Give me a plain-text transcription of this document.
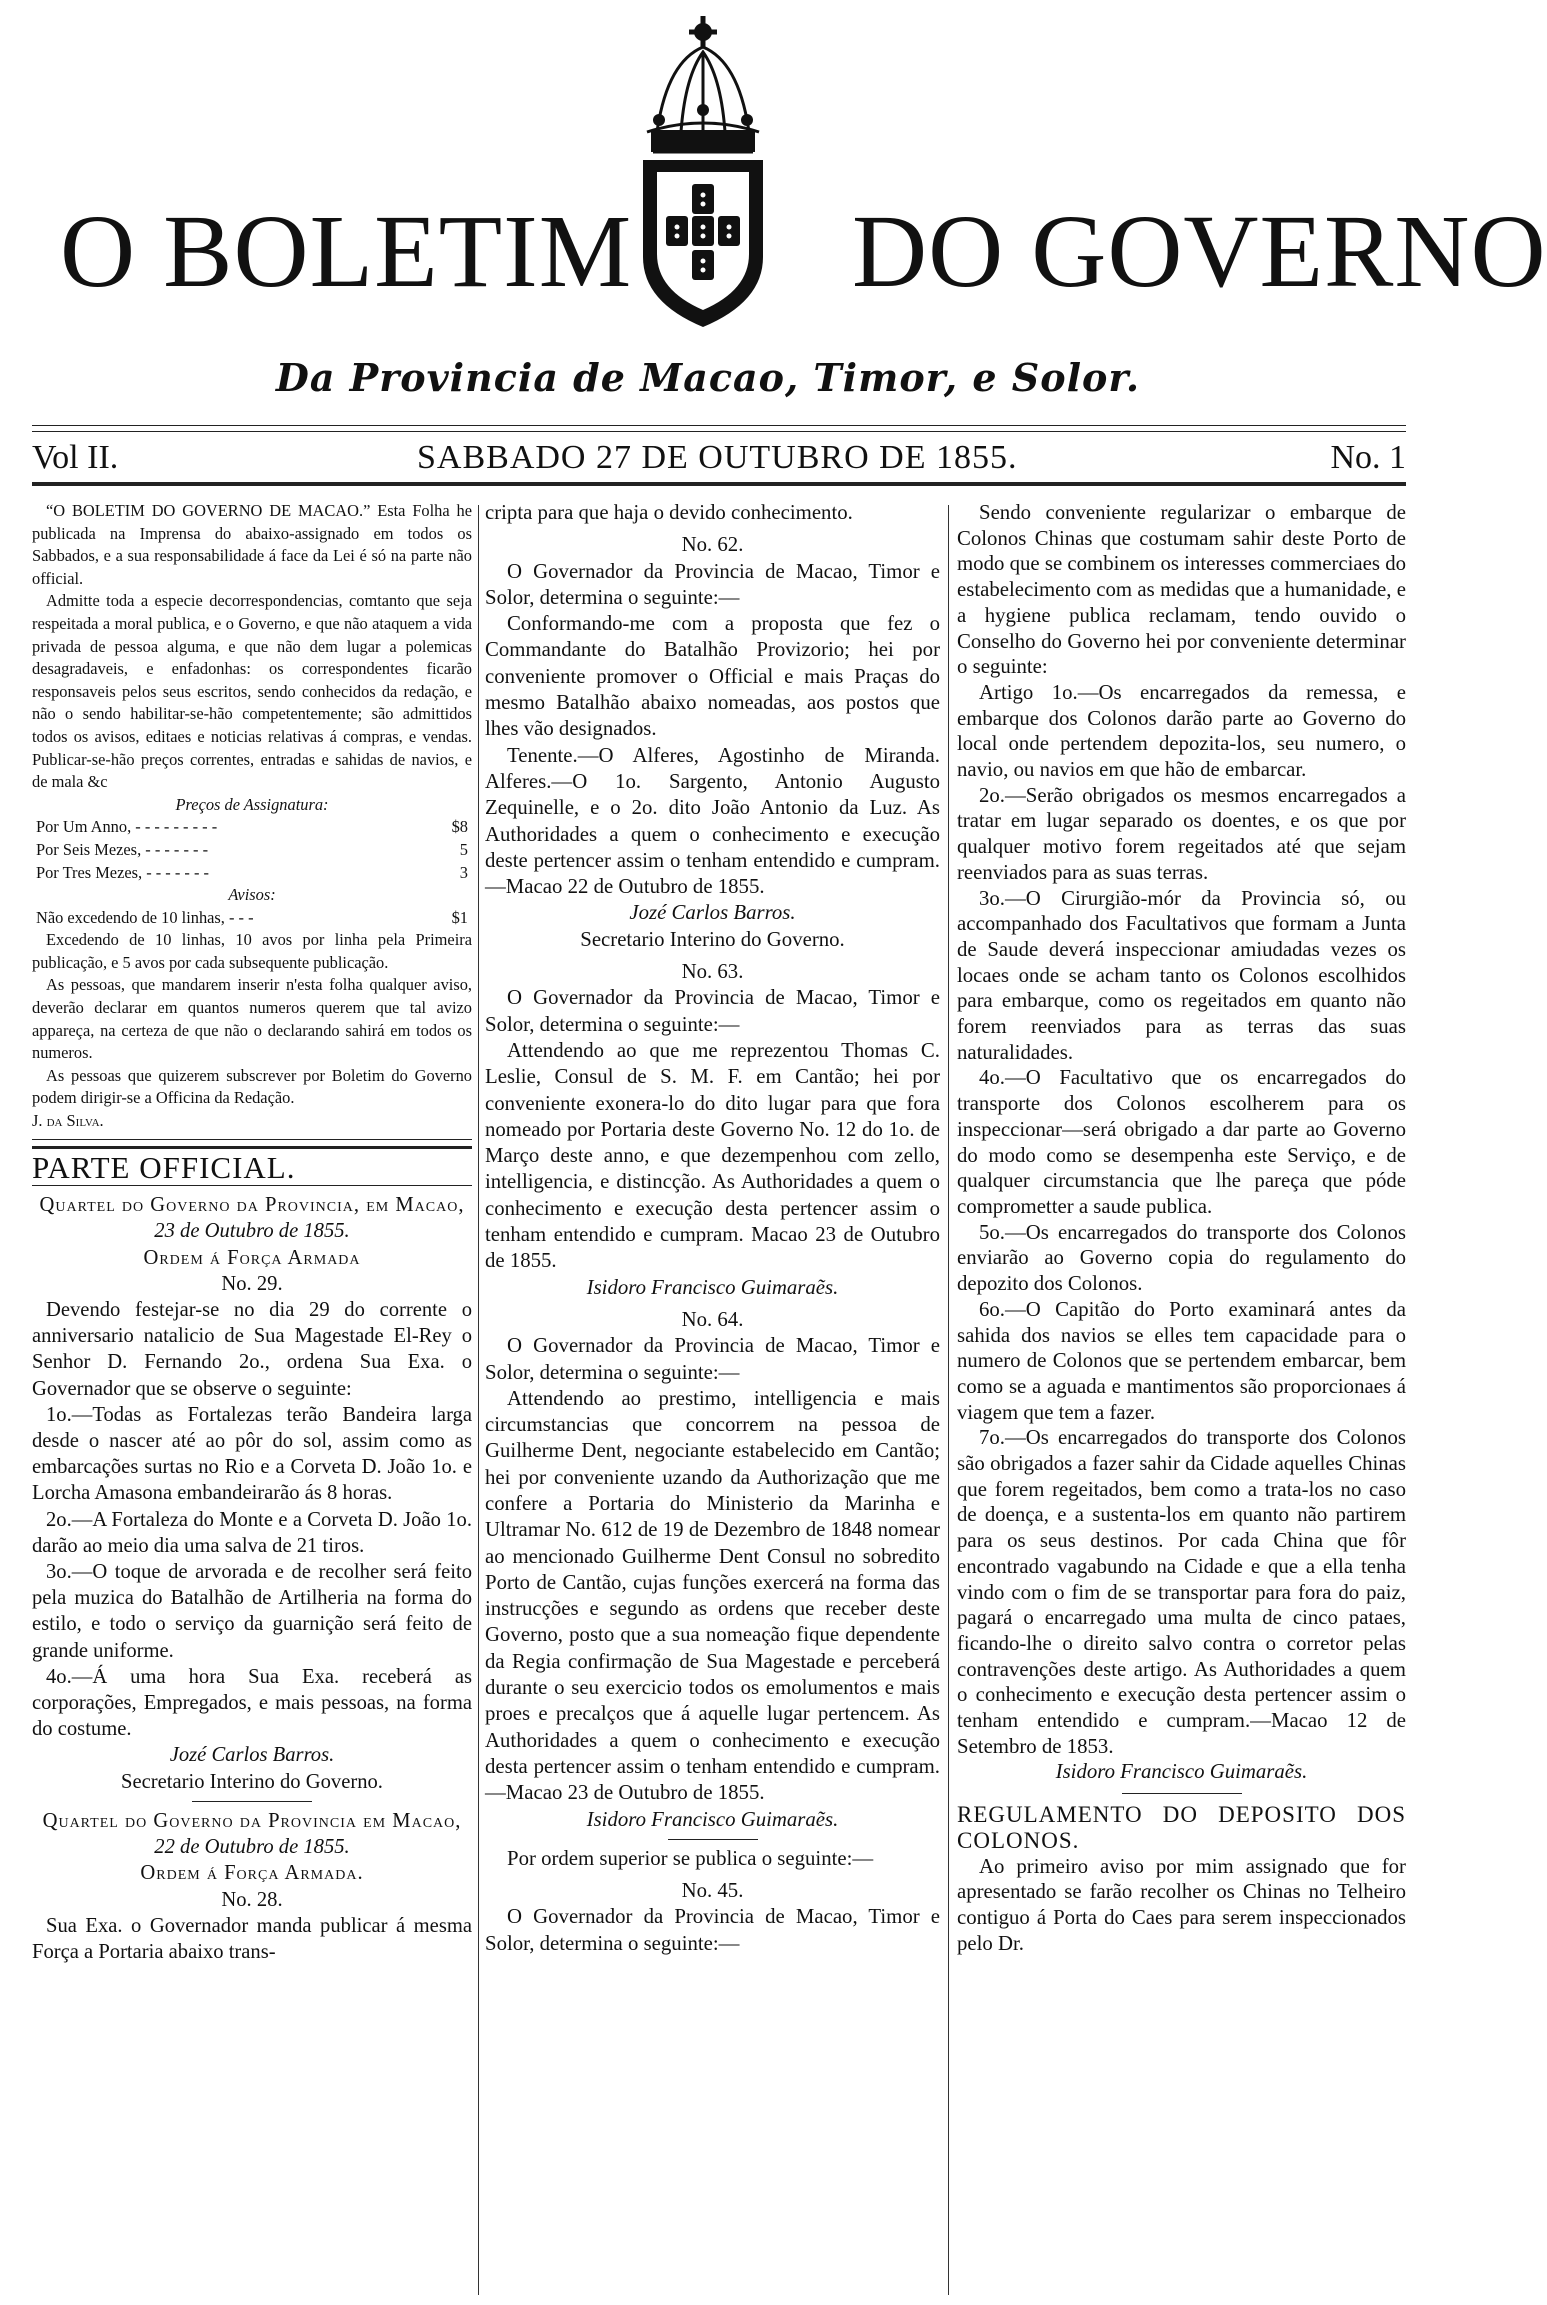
O BOLETIM DO GOVERNO
Da Provincia de Macao, Timor, e Solor.
Vol II.	SABBADO 27 DE OUTUBRO DE 1855.	No. 1

“O BOLETIM DO GOVERNO DE MACAO.” Esta Folha he publicada na Imprensa do abaixo-assignado em todos os Sabbados, e a sua responsabilidade á face da Lei é só na parte não official.

Admitte toda a especie decorrespondencias, comtanto que seja respeitada a moral publica, e o Governo, e que não ataquem a vida privada de pessoa alguma, e que não dem lugar a polemicas desagradaveis, e enfadonhas: os correspondentes ficarão responsaveis pelos seus escritos, sendo conhecidos da redação, e não o sendo habilitar-se-hão competentemente; são admittidos todos os avisos, editaes e noticias relativas á compras, e vendas. Publicar-se-hão preços correntes, entradas e sahidas de navios, e de mala &c

Preços de Assignatura:

Por Um Anno, - - - - - - - - -	$8
Por Seis Mezes, - - - - - - -	5
Por Tres Mezes, - - - - - - -	3

Avisos:

Não excedendo de 10 linhas, - - -	$1

Excedendo de 10 linhas, 10 avos por linha pela Primeira publicação, e 5 avos por cada subsequente publicação.

As pessoas, que mandarem inserir n'esta folha qualquer aviso, deverão declarar em quantos numeros querem que tal avizo appareça, na certeza de que não o declarando sahirá em todos os numeros.

As pessoas que quizerem subscrever por Boletim do Governo podem dirigir-se a Officina da Redação.

J. da Silva.

PARTE OFFICIAL.

Quartel do Governo da Provincia, em Macao,

23 de Outubro de 1855.

Ordem á Força Armada

No. 29.

Devendo festejar-se no dia 29 do corrente o anniversario natalicio de Sua Magestade El-Rey o Senhor D. Fernando 2o., ordena Sua Exa. o Governador que se observe o seguinte:

1o.—Todas as Fortalezas terão Bandeira larga desde o nascer até ao pôr do sol, assim como as embarcações surtas no Rio e a Corveta D. João 1o. e Lorcha Amasona embandeirarão ás 8 horas.

2o.—A Fortaleza do Monte e a Corveta D. João 1o. darão ao meio dia uma salva de 21 tiros.

3o.—O toque de arvorada e de recolher será feito pela muzica do Batalhão de Artilheria na forma do estilo, e todo o serviço da guarnição será feito de grande uniforme.

4o.—Á uma hora Sua Exa. receberá as corporações, Empregados, e mais pessoas, na forma do costume.

Jozé Carlos Barros.

Secretario Interino do Governo.

Quartel do Governo da Provincia em Macao,

22 de Outubro de 1855.

Ordem á Força Armada.

No. 28.

Sua Exa. o Governador manda publicar á mesma Força a Portaria abaixo trans-

cripta para que haja o devido conhecimento.

No. 62.

O Governador da Provincia de Macao, Timor e Solor, determina o seguinte:—

Conformando-me com a proposta que fez o Commandante do Batalhão Provizorio; hei por conveniente promover o Official e mais Praças do mesmo Batalhão abaixo nomeadas, aos postos que lhes vão designados.

Tenente.—O Alferes, Agostinho de Miranda. Alferes.—O 1o. Sargento, Antonio Augusto Zequinelle, e o 2o. dito João Antonio da Luz. As Authoridades a quem o conhecimento e execução deste pertencer assim o tenham entendido e cumpram.—Macao 22 de Outubro de 1855.

Jozé Carlos Barros.

Secretario Interino do Governo.

No. 63.

O Governador da Provincia de Macao, Timor e Solor, determina o seguinte:—

Attendendo ao que me reprezentou Thomas C. Leslie, Consul de S. M. F. em Cantão; hei por conveniente exonera-lo do dito lugar para que fora nomeado por Portaria deste Governo No. 12 do 1o. de Março deste anno, e que dezempenhou com zello, intelligencia, e distincção. As Authoridades a quem o conhecimento e execução desta pertencer assim o tenham entendido e cumpram. Macao 23 de Outubro de 1855.

Isidoro Francisco Guimaraẽs.

No. 64.

O Governador da Provincia de Macao, Timor e Solor, determina o seguinte:—

Attendendo ao prestimo, intelligencia e mais circumstancias que concorrem na pessoa de Guilherme Dent, negociante estabelecido em Cantão; hei por conveniente uzando da Authorização que me confere a Portaria do Ministerio da Marinha e Ultramar No. 612 de 19 de Dezembro de 1848 nomear ao mencionado Guilherme Dent Consul no sobredito Porto de Cantão, cujas funções exercerá na forma das instrucções e segundo as ordens que receber deste Governo, posto que a sua nomeação fique dependente da Regia confirmação de Sua Magestade e perceberá durante o seu exercicio todos os emolumentos e mais proes e precalços que á aquelle lugar pertencem. As Authoridades a quem o conhecimento e execução desta pertencer assim o tenham entendido e cumpram.—Macao 23 de Outubro de 1855.

Isidoro Francisco Guimaraẽs.

Por ordem superior se publica o seguinte:—

No. 45.

O Governador da Provincia de Macao, Timor e Solor, determina o seguinte:—

Sendo conveniente regularizar o embarque de Colonos Chinas que costumam sahir deste Porto de modo que se combinem os interesses commerciaes do estabelecimento com as medidas que a humanidade, e a hygiene publica reclamam, tendo ouvido o Conselho do Governo hei por conveniente determinar o seguinte:

Artigo 1o.—Os encarregados da remessa, e embarque dos Colonos darão parte ao Governo do local onde pertendem depozita-los, seu numero, o navio, ou navios em que hão de embarcar.

2o.—Serão obrigados os mesmos encarregados a tratar em lugar separado os doentes, e os que por qualquer motivo forem regeitados até que sejam reenviados para as suas terras.

3o.—O Cirurgião-mór da Provincia só, ou accompanhado dos Facultativos que formam a Junta de Saude deverá inspeccionar amiudadas vezes os locaes onde se acham tanto os Colonos escolhidos para embarque, como os regeitados em quanto não forem reenviados para as terras das suas naturalidades.

4o.—O Facultativo que os encarregados do transporte dos Colonos escolherem para os inspeccionar—será obrigado a dar parte ao Governo do modo como se desempenha este Serviço, e de qualquer circumstancia que lhe pareça que póde comprometter a saude publica.

5o.—Os encarregados do transporte dos Colonos enviarão ao Governo copia do regulamento do depozito dos Colonos.

6o.—O Capitão do Porto examinará antes da sahida dos navios se elles tem capacidade para o numero de Colonos que se pertendem embarcar, bem como se a aguada e mantimentos são proporcionaes á viagem que tem a fazer.

7o.—Os encarregados do transporte dos Colonos são obrigados a fazer sahir da Cidade aquelles Chinas que forem regeitados, bem como a trata-los no caso de doença, e a sustenta-los em quanto não partirem para os seus destinos. Por cada China que fôr encontrado vagabundo na Cidade e que a ella tenha vindo com o fim de se transportar para fora do paiz, pagará o encarregado uma multa de cinco pataes, ficando-lhe o direito salvo contra o corretor pelas contravenções deste artigo. As Authoridades a quem o conhecimento e execução desta pertencer assim o tenham entendido e cumpram.—Macao 12 de Setembro de 1853.

Isidoro Francisco Guimaraẽs.

REGULAMENTO DO DEPOSITO DOS COLONOS.

Ao primeiro aviso por mim assignado que for apresentado se farão recolher os Chinas no Telheiro contiguo á Porta do Caes para serem inspeccionados pelo Dr.
